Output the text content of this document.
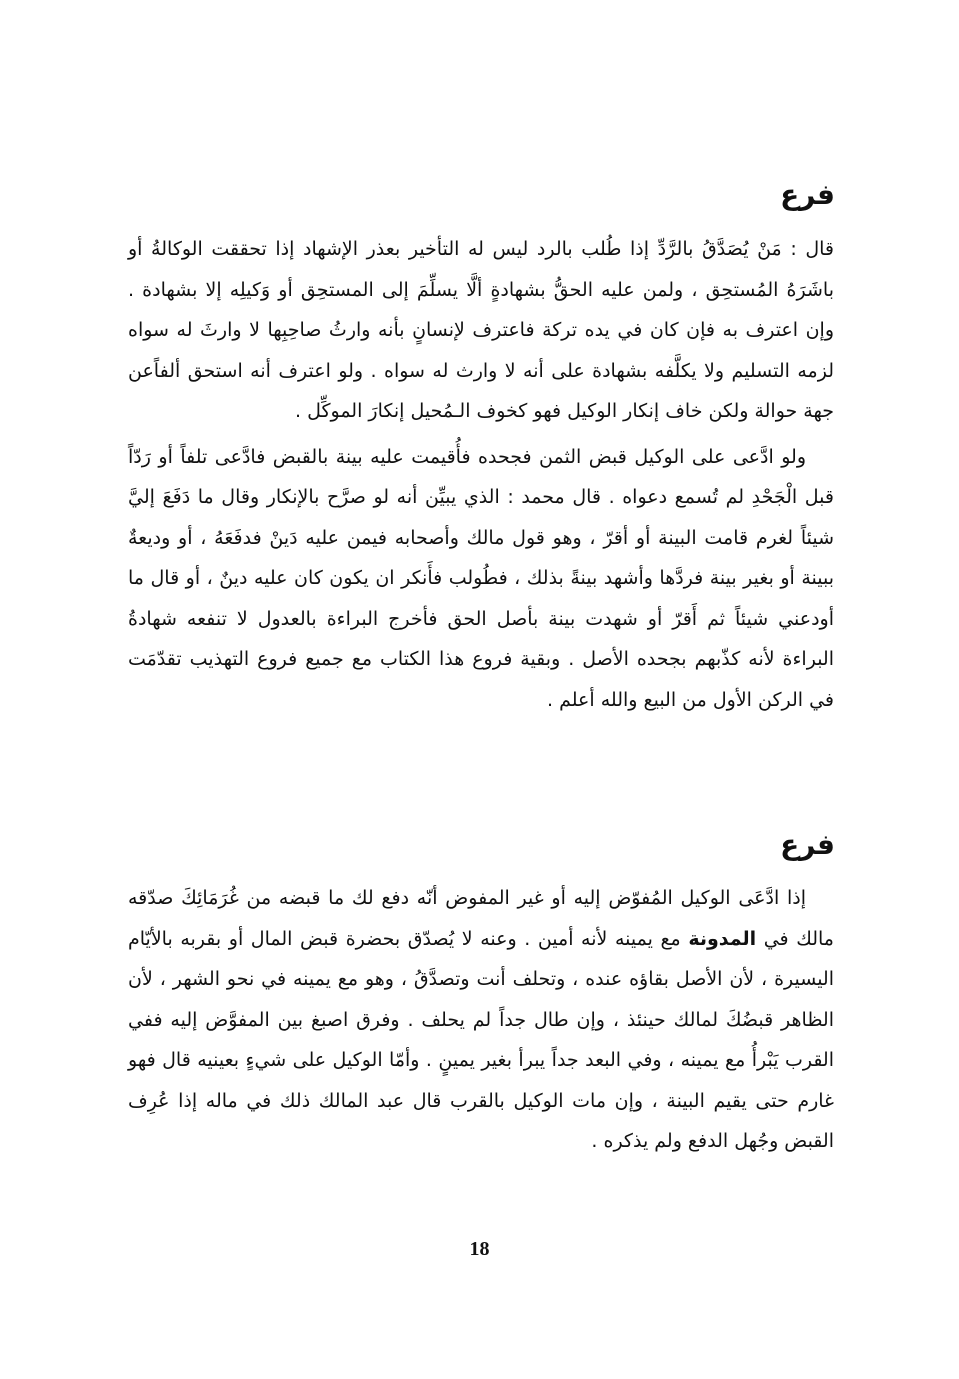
فرع

قال : مَنْ يُصَدَّقُ بالرَّدِّ إذا طُلب بالرد ليس له التأخير بعذر الإشهاد إذا تحققت الوكالةُ أو باشَرَهُ المُستحِق ، ولمن عليه الحقُّ بشهادةٍ ألَّا يسلِّمَ إلى المستحِق أو وَكيلِه إلا بشهادة . وإن اعترف به فإن كان في يده تركة فاعترف لإنسانٍ بأنه وارثُ صاحِبِها لا وارثَ له سواه لزمه التسليم ولا يكلَّفه بشهادة على أنه لا وارث له سواه . ولو اعترف أنه استحق ألفاًعن جهة حوالة ولكن خاف إنكار الوكيل فهو كخوف الـمُحيل إنكارَ الموكِّل .

ولو ادَّعى على الوكيل قبض الثمن فجحده فأُقيمت عليه بينة بالقبض فادَّعى تلفاً أو رَدّاً قبل الْجَحْدِ لم تُسمع دعواه . قال محمد : الذي يبيِّن أنه لو صرَّح بالإنكار وقال ما دَفَعَ إليَّ شيئاً لغرم قامت البينة أو أقرّ ، وهو قول مالك وأصحابه فيمن عليه دَينْ فدفَعَهُ ، أو وديعةٌ ببينة أو بغير بينة فردَّها وأشهد بينةً بذلك ، فطُولب فأَنكر ان يكون كان عليه دينٌ ، أو قال ما أودعني شيئاً ثم أَقرّ أو شهدت بينة بأصل الحق فأخرج البراءة بالعدول لا تنفعه شهادةُ البراءة لأنه كذّبهم بجحده الأصل . وبقية فروع هذا الكتاب مع جميع فروع التهذيب تقدّمَت في الركن الأول من البيع والله أعلم .

فرع

إذا ادَّعَى الوكيل المُفوّض إليه أو غير المفوض أنّه دفع لك ما قبضه من غُرَمَائِكَ صدّقه مالك في المدونة مع يمينه لأنه أمين . وعنه لا يُصدّق بحضرة قبض المال أو بقربه بالأيّام اليسيرة ، لأن الأصل بقاؤه عنده ، وتحلف أنت وتصدَّقُ ، وهو مع يمينه في نحو الشهر ، لأن الظاهر قبضُكَ لمالك حينئذ ، وإن طال جداً لم يحلف . وفرق اصبغ بين المفوَّض إليه ففي القرب يَبْرأُ مع يمينه ، وفي البعد جداً يبرأ بغير يمينٍ . وأمّا الوكيل على شيءٍ بعينيه قال فهو غارم حتى يقيم البينة ، وإن مات الوكيل بالقرب قال عبد المالك ذلك في ماله إذا عُرِف القبض وجُهل الدفع ولم يذكره .

18
